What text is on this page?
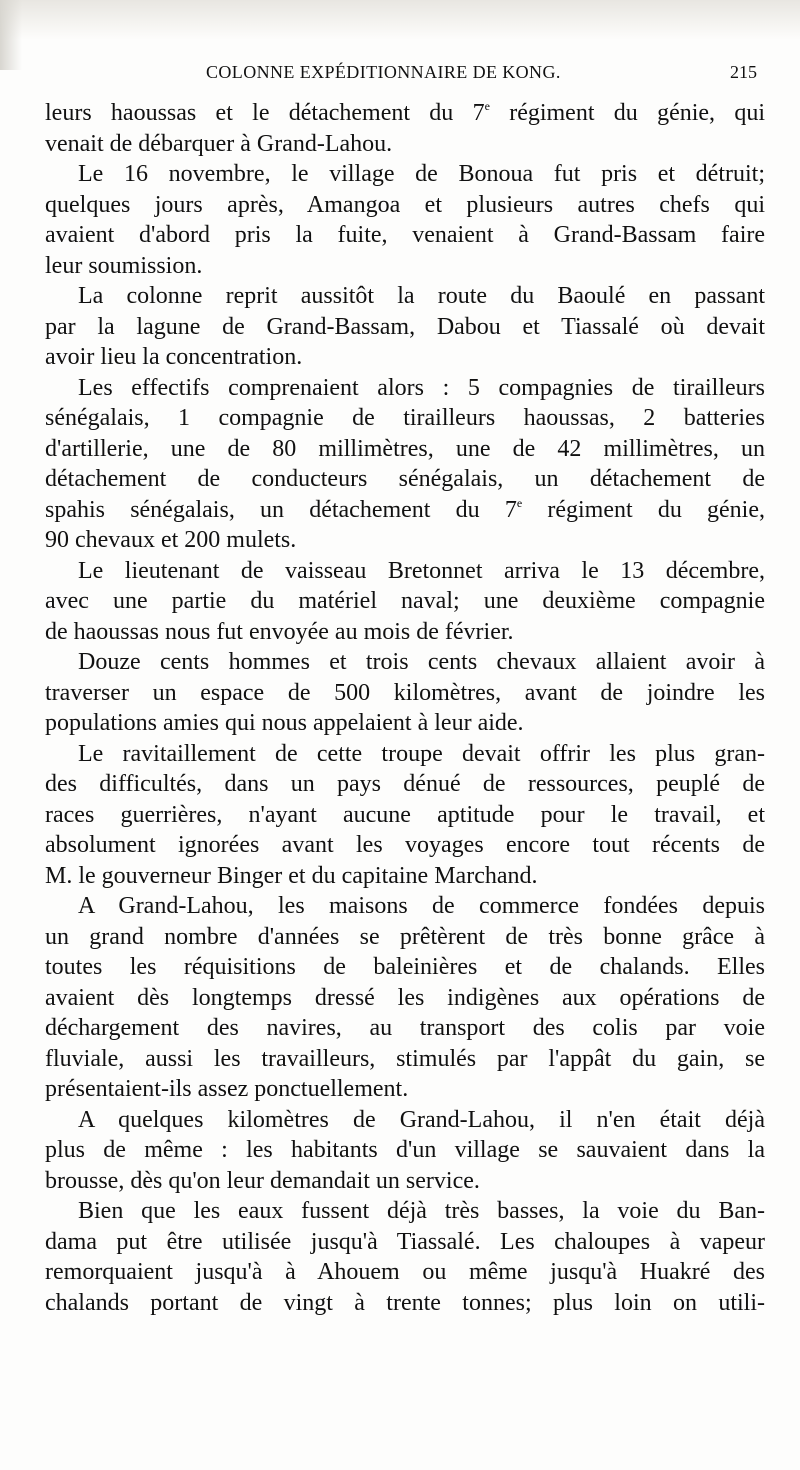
COLONNE EXPÉDITIONNAIRE DE KONG.	215
leurs haoussas et le détachement du 7e régiment du génie, qui
venait de débarquer à Grand-Lahou.
Le 16 novembre, le village de Bonoua fut pris et détruit;
quelques jours après, Amangoa et plusieurs autres chefs qui
avaient d'abord pris la fuite, venaient à Grand-Bassam faire
leur soumission.
La colonne reprit aussitôt la route du Baoulé en passant
par la lagune de Grand-Bassam, Dabou et Tiassalé où devait
avoir lieu la concentration.
Les effectifs comprenaient alors : 5 compagnies de tirailleurs
sénégalais, 1 compagnie de tirailleurs haoussas, 2 batteries
d'artillerie, une de 80 millimètres, une de 42 millimètres, un
détachement de conducteurs sénégalais, un détachement de
spahis sénégalais, un détachement du 7e régiment du génie,
90 chevaux et 200 mulets.
Le lieutenant de vaisseau Bretonnet arriva le 13 décembre,
avec une partie du matériel naval; une deuxième compagnie
de haoussas nous fut envoyée au mois de février.
Douze cents hommes et trois cents chevaux allaient avoir à
traverser un espace de 500 kilomètres, avant de joindre les
populations amies qui nous appelaient à leur aide.
Le ravitaillement de cette troupe devait offrir les plus gran-
des difficultés, dans un pays dénué de ressources, peuplé de
races guerrières, n'ayant aucune aptitude pour le travail, et
absolument ignorées avant les voyages encore tout récents de
M. le gouverneur Binger et du capitaine Marchand.
A Grand-Lahou, les maisons de commerce fondées depuis
un grand nombre d'années se prêtèrent de très bonne grâce à
toutes les réquisitions de baleinières et de chalands. Elles
avaient dès longtemps dressé les indigènes aux opérations de
déchargement des navires, au transport des colis par voie
fluviale, aussi les travailleurs, stimulés par l'appât du gain, se
présentaient-ils assez ponctuellement.
A quelques kilomètres de Grand-Lahou, il n'en était déjà
plus de même : les habitants d'un village se sauvaient dans la
brousse, dès qu'on leur demandait un service.
Bien que les eaux fussent déjà très basses, la voie du Ban-
dama put être utilisée jusqu'à Tiassalé. Les chaloupes à vapeur
remorquaient jusqu'à à Ahouem ou même jusqu'à Huakré des
chalands portant de vingt à trente tonnes; plus loin on utili-
